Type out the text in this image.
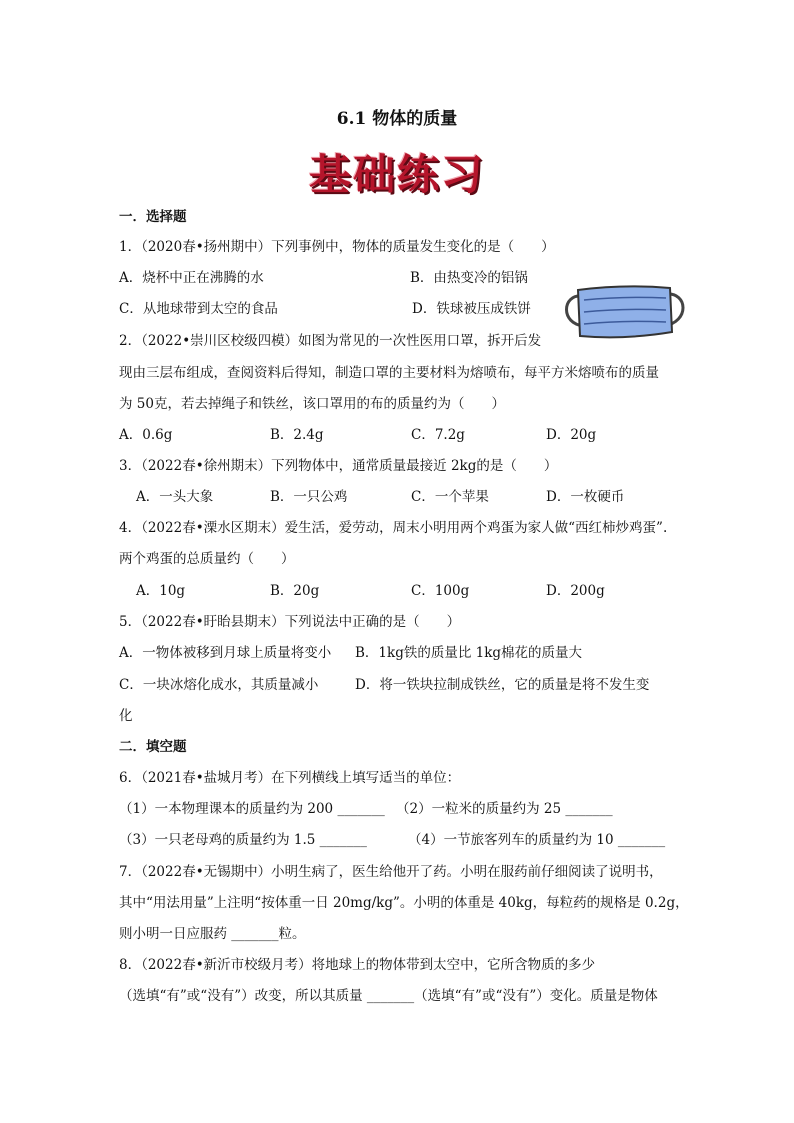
6.1 物体的质量
基础练习
一．选择题
1．（2020春•扬州期中）下列事例中，物体的质量发生变化的是（　　）
A．烧杯中正在沸腾的水	B．由热变冷的铝锅
C．从地球带到太空的食品	D．铁球被压成铁饼
2．（2022•崇川区校级四模）如图为常见的一次性医用口罩，拆开后发
现由三层布组成，查阅资料后得知，制造口罩的主要材料为熔喷布，每平方米熔喷布的质量
为 50克，若去掉绳子和铁丝，该口罩用的布的质量约为（　　）
A．0.6g	B．2.4g	C．7.2g	D．20g
3．（2022春•徐州期末）下列物体中，通常质量最接近 2kg的是（　　）
A．一头大象	B．一只公鸡	C．一个苹果	D．一枚硬币
4．（2022春•溧水区期末）爱生活，爱劳动，周末小明用两个鸡蛋为家人做“西红柿炒鸡蛋”.
两个鸡蛋的总质量约（　　）
A．10g	B．20g	C．100g	D．200g
5．（2022春•盱眙县期末）下列说法中正确的是（　　）
A．一物体被移到月球上质量将变小 B．1kg铁的质量比 1kg棉花的质量大
C．一块冰熔化成水，其质量减小	D．将一铁块拉制成铁丝，它的质量是将不发生变
化
二．填空题
6．（2021春•盐城月考）在下列横线上填写适当的单位：
（1）一本物理课本的质量约为 200 _______ （2）一粒米的质量约为 25 _______
（3）一只老母鸡的质量约为 1.5 _______	（4）一节旅客列车的质量约为 10 _______
7．（2022春•无锡期中）小明生病了，医生给他开了药。小明在服药前仔细阅读了说明书，
其中“用法用量”上注明“按体重一日 20mg/kg”。小明的体重是 40kg，每粒药的规格是 0.2g，
则小明一日应服药 _______粒。
8．（2022春•新沂市校级月考）将地球上的物体带到太空中，它所含物质的多少
（选填“有”或“没有”）改变，所以其质量 _______（选填“有”或“没有”）变化。质量是物体
